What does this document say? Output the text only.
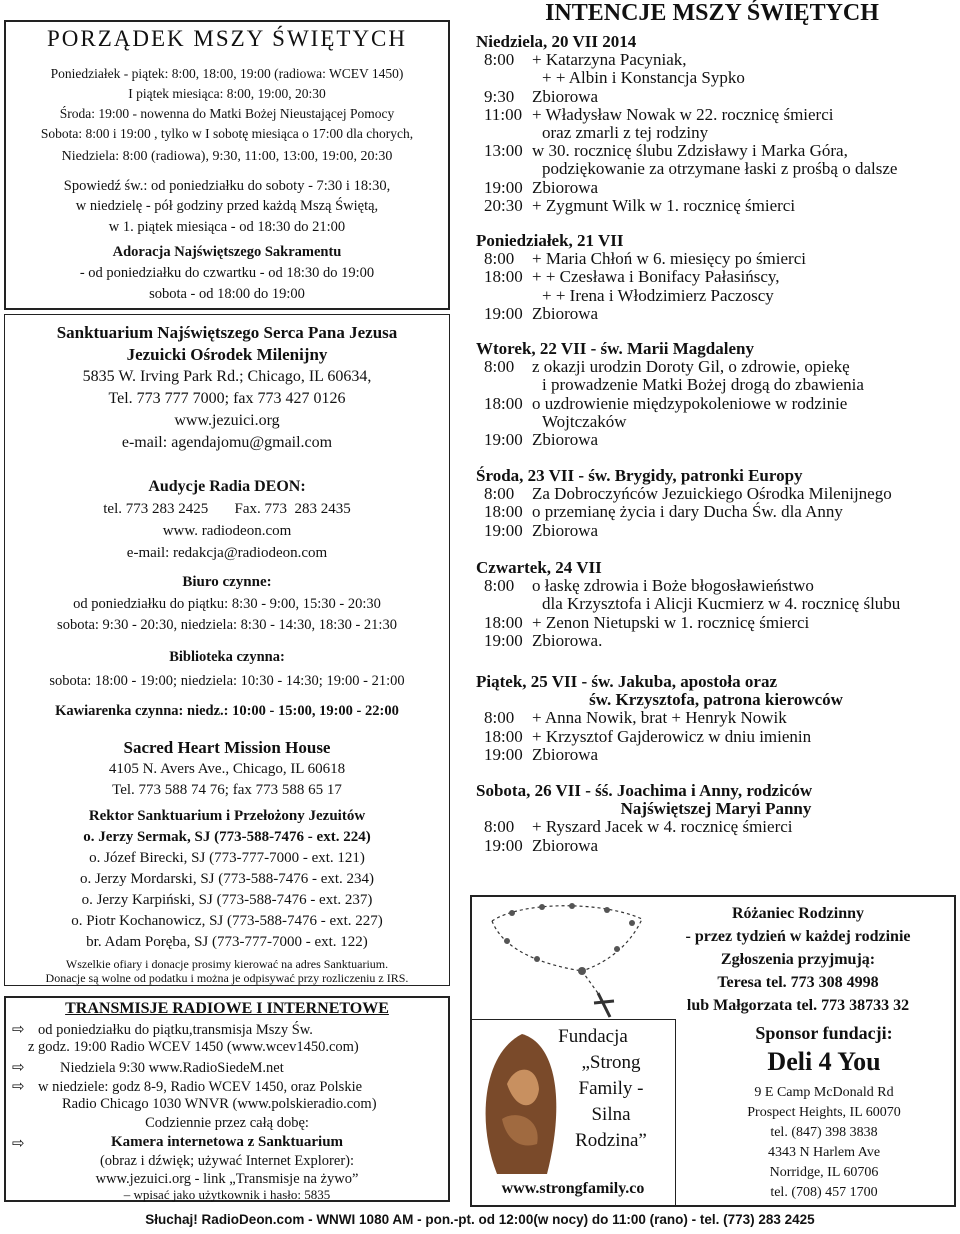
PORZĄDEK MSZY ŚWIĘTYCH
Poniedziałek - piątek: 8:00, 18:00, 19:00 (radiowa: WCEV 1450)
I piątek miesiąca: 8:00, 19:00, 20:30
Środa: 19:00 - nowenna do Matki Bożej Nieustającej Pomocy
Sobota: 8:00 i 19:00 , tylko w I sobotę miesiąca o 17:00 dla chorych,
Niedziela: 8:00 (radiowa), 9:30, 11:00, 13:00, 19:00, 20:30
Spowiedź św.: od poniedziałku do soboty - 7:30 i 18:30,
w niedzielę - pół godziny przed każdą Mszą Świętą,
w 1. piątek miesiąca - od 18:30 do 21:00
Adoracja Najświętszego Sakramentu
- od poniedziałku do czwartku - od 18:30 do 19:00
sobota - od 18:00 do 19:00
Sanktuarium Najświętszego Serca Pana Jezusa
Jezuicki Ośrodek Milenijny
5835 W. Irving Park Rd.; Chicago, IL 60634,
Tel. 773 777 7000; fax 773 427 0126
www.jezuici.org
e-mail: agendajomu@gmail.com
Audycje Radia DEON:
tel. 773 283 2425       Fax. 773  283 2435
www. radiodeon.com
e-mail: redakcja@radiodeon.com
Biuro czynne:
od poniedziałku do piątku: 8:30 - 9:00, 15:30 - 20:30
sobota: 9:30 - 20:30, niedziela: 8:30 - 14:30, 18:30 - 21:30
Biblioteka czynna:
sobota: 18:00 - 19:00; niedziela: 10:30 - 14:30; 19:00 - 21:00
Kawiarenka czynna: niedz.: 10:00 - 15:00, 19:00 - 22:00
Sacred Heart Mission House
4105 N. Avers Ave., Chicago, IL 60618
Tel. 773 588 74 76; fax 773 588 65 17
Rektor Sanktuarium i Przełożony Jezuitów
o. Jerzy Sermak, SJ (773-588-7476 - ext. 224)
o. Józef Birecki, SJ (773-777-7000 - ext. 121)
o. Jerzy Mordarski, SJ (773-588-7476 - ext. 234)
o. Jerzy Karpiński, SJ (773-588-7476 - ext. 237)
o. Piotr Kochanowicz, SJ (773-588-7476 - ext. 227)
br. Adam Poręba, SJ (773-777-7000 - ext. 122)
Wszelkie ofiary i donacje prosimy kierować na adres Sanktuarium.
Donacje są wolne od podatku i można je odpisywać przy rozliczeniu z IRS.
TRANSMISJE RADIOWE I INTERNETOWE
⇨ od poniedziałku do piątku,transmisja Mszy Św.
z godz. 19:00 Radio WCEV 1450 (www.wcev1450.com)
⇨ Niedziela 9:30 www.RadioSiedeM.net
⇨ w niedziele: godz 8-9, Radio WCEV 1450, oraz Polskie
Radio Chicago 1030 WNVR (www.polskieradio.com)
Codziennie przez całą dobę:
⇨	Kamera internetowa z Sanktuarium
(obraz i dźwięk; używać Internet Explorer):
www.jezuici.org - link „Transmisje na żywo”
– wpisać jako użytkownik i hasło: 5835
INTENCJE MSZY ŚWIĘTYCH
Niedziela, 20 VII 2014
8:00 + Katarzyna Pacyniak,
+ + Albin i Konstancja Sypko
9:30 Zbiorowa
11:00 + Władysław Nowak w 22. rocznicę śmierci
oraz zmarli z tej rodziny
13:00 w 30. rocznicę ślubu Zdzisławy i Marka Góra,
podziękowanie za otrzymane łaski z prośbą o dalsze
19:00 Zbiorowa
20:30 + Zygmunt Wilk w 1. rocznicę śmierci
Poniedziałek, 21 VII
8:00 + Maria Chłoń w 6. miesięcy po śmierci
18:00 + + Czesława i Bonifacy Pałasińscy,
+ + Irena i Włodzimierz Paczoscy
19:00 Zbiorowa
Wtorek, 22 VII - św. Marii Magdaleny
8:00 z okazji urodzin Doroty Gil, o zdrowie, opiekę
i prowadzenie Matki Bożej drogą do zbawienia
18:00 o uzdrowienie międzypokoleniowe w rodzinie
Wojtczaków
19:00 Zbiorowa
Środa, 23 VII - św. Brygidy, patronki Europy
8:00 Za Dobroczyńców Jezuickiego Ośrodka Milenijnego
18:00 o przemianę życia i dary Ducha Św. dla Anny
19:00 Zbiorowa
Czwartek, 24 VII
8:00 o łaskę zdrowia i Boże błogosławieństwo
dla Krzysztofa i Alicji Kucmierz w 4. rocznicę ślubu
18:00 + Zenon Nietupski w 1. rocznicę śmierci
19:00 Zbiorowa.
Piątek, 25 VII - św. Jakuba, apostoła oraz
św. Krzysztofa, patrona kierowców
8:00 + Anna Nowik, brat + Henryk Nowik
18:00 + Krzysztof Gajderowicz w dniu imienin
19:00 Zbiorowa
Sobota, 26 VII - śś. Joachima i Anny, rodziców
Najświętszej Maryi Panny
8:00 + Ryszard Jacek w 4. rocznicę śmierci
19:00 Zbiorowa
Różaniec Rodzinny
- przez tydzień w każdej rodzinie
Zgłoszenia przyjmują:
Teresa tel. 773 308 4998
lub Małgorzata tel. 773 38733 32
Fundacja
„Strong
Family -
Silna
Rodzina”
www.strongfamily.co
Sponsor fundacji:
Deli 4 You
9 E Camp McDonald Rd
Prospect Heights, IL 60070
tel. (847) 398 3838
4343 N Harlem Ave
Norridge, IL 60706
tel. (708) 457 1700
Słuchaj! RadioDeon.com - WNWI 1080 AM - pon.-pt. od 12:00(w nocy) do 11:00 (rano) - tel. (773) 283 2425
